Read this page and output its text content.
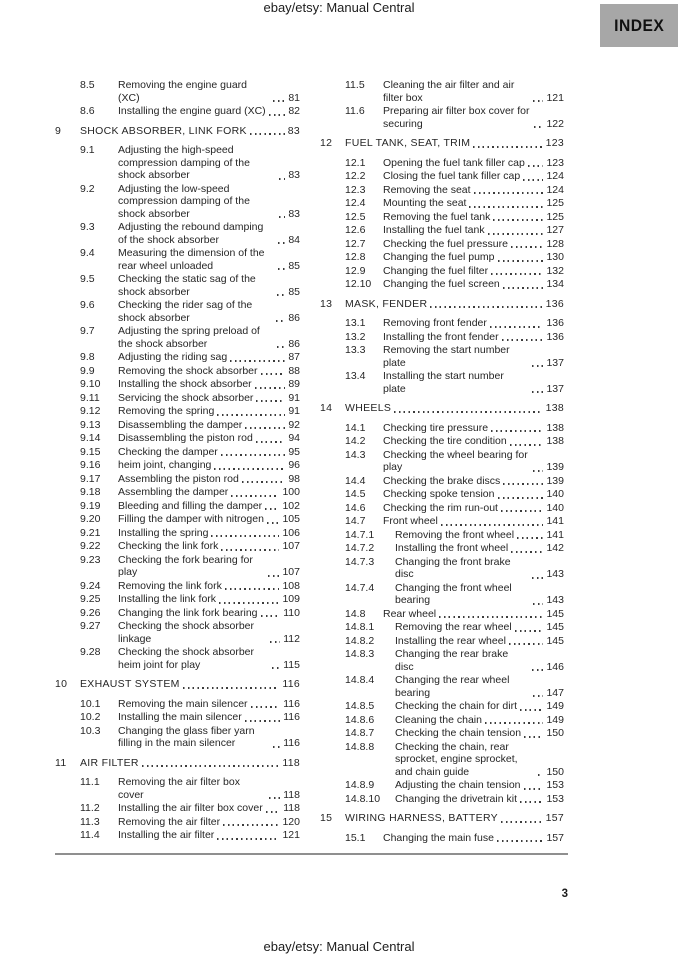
ebay/etsy: Manual Central
INDEX
8.5	Removing the engine guard (XC)	81
8.6	Installing the engine guard (XC) 82
9	SHOCK ABSORBER, LINK FORK	83
9.1	Adjusting the high-speed compression damping of the shock absorber	83
9.2	Adjusting the low-speed compression damping of the shock absorber	83
9.3	Adjusting the rebound damping of the shock absorber	84
9.4	Measuring the dimension of the rear wheel unloaded	85
9.5	Checking the static sag of the shock absorber	85
9.6	Checking the rider sag of the shock absorber	86
9.7	Adjusting the spring preload of the shock absorber	86
9.8	Adjusting the riding sag	87
9.9	Removing the shock absorber	88
9.10	Installing the shock absorber	89
9.11	Servicing the shock absorber	91
9.12	Removing the spring	91
9.13	Disassembling the damper	92
9.14	Disassembling the piston rod	94
9.15	Checking the damper	95
9.16	heim joint, changing	96
9.17	Assembling the piston rod	98
9.18	Assembling the damper	100
9.19	Bleeding and filling the damper 102
9.20	Filling the damper with nitrogen 105
9.21	Installing the spring	106
9.22	Checking the link fork	107
9.23	Checking the fork bearing for play	107
9.24	Removing the link fork	108
9.25	Installing the link fork	109
9.26	Changing the link fork bearing 110
9.27	Checking the shock absorber linkage	112
9.28	Checking the shock absorber heim joint for play	115
10	EXHAUST SYSTEM	116
10.1	Removing the main silencer	116
10.2	Installing the main silencer	116
10.3	Changing the glass fiber yarn filling in the main silencer	116
11	AIR FILTER	118
11.1	Removing the air filter box cover	118
11.2	Installing the air filter box cover 118
11.3	Removing the air filter	120
11.4	Installing the air filter	121
11.5	Cleaning the air filter and air filter box	121
11.6	Preparing air filter box cover for securing	122
12	FUEL TANK, SEAT, TRIM	123
12.1	Opening the fuel tank filler cap 123
12.2	Closing the fuel tank filler cap	124
12.3	Removing the seat	124
12.4	Mounting the seat	125
12.5	Removing the fuel tank	125
12.6	Installing the fuel tank	127
12.7	Checking the fuel pressure	128
12.8	Changing the fuel pump	130
12.9	Changing the fuel filter	132
12.10	Changing the fuel screen	134
13	MASK, FENDER	136
13.1	Removing front fender	136
13.2	Installing the front fender	136
13.3	Removing the start number plate	137
13.4	Installing the start number plate	137
14	WHEELS	138
14.1	Checking tire pressure	138
14.2	Checking the tire condition	138
14.3	Checking the wheel bearing for play	139
14.4	Checking the brake discs	139
14.5	Checking spoke tension	140
14.6	Checking the rim run-out	140
14.7	Front wheel	141
14.7.1	Removing the front wheel	141
14.7.2	Installing the front wheel	142
14.7.3	Changing the front brake disc	143
14.7.4	Changing the front wheel bearing	143
14.8	Rear wheel	145
14.8.1	Removing the rear wheel	145
14.8.2	Installing the rear wheel	145
14.8.3	Changing the rear brake disc	146
14.8.4	Changing the rear wheel bearing	147
14.8.5	Checking the chain for dirt	149
14.8.6	Cleaning the chain	149
14.8.7	Checking the chain tension 150
14.8.8	Checking the chain, rear sprocket, engine sprocket, and chain guide	150
14.8.9	Adjusting the chain tension 153
14.8.10	Changing the drivetrain kit	153
15	WIRING HARNESS, BATTERY	157
15.1	Changing the main fuse	157
3
ebay/etsy: Manual Central
